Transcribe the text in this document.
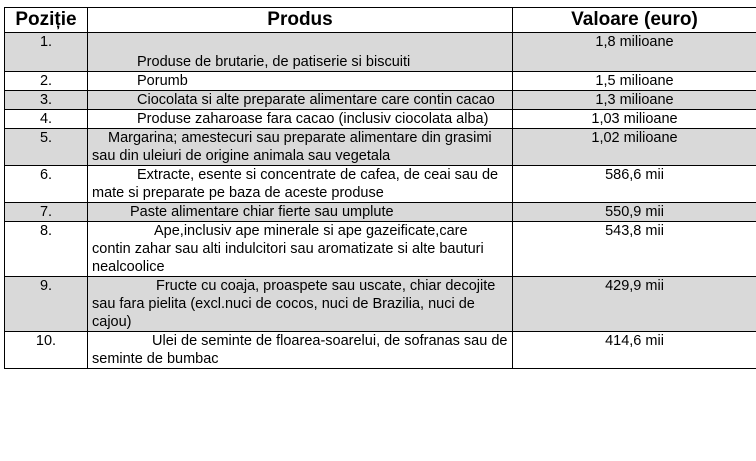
Poziție	Produs	Valoare (euro)
1.	Produse de brutarie, de patiserie si biscuiti	1,8 milioane
2.	Porumb	1,5 milioane
3.	Ciocolata si alte preparate alimentare care contin cacao	1,3 milioane
4.	Produse zaharoase fara cacao (inclusiv ciocolata alba)	1,03 milioane
5.	Margarina; amestecuri sau preparate alimentare din grasimi sau din uleiuri de origine animala sau vegetala	1,02 milioane
6.	Extracte, esente si concentrate de cafea, de ceai sau de mate si preparate pe baza de aceste produse	586,6 mii
7.	Paste alimentare chiar fierte sau umplute	550,9 mii
8.	Ape,inclusiv ape minerale si ape gazeificate,care contin zahar sau alti indulcitori sau aromatizate si alte bauturi nealcoolice	543,8 mii
9.	Fructe cu coaja, proaspete sau uscate, chiar decojite sau fara pielita (excl.nuci de cocos, nuci de Brazilia, nuci de cajou)	429,9 mii
10.	Ulei de seminte de floarea-soarelui, de sofranas sau de seminte de bumbac	414,6 mii
